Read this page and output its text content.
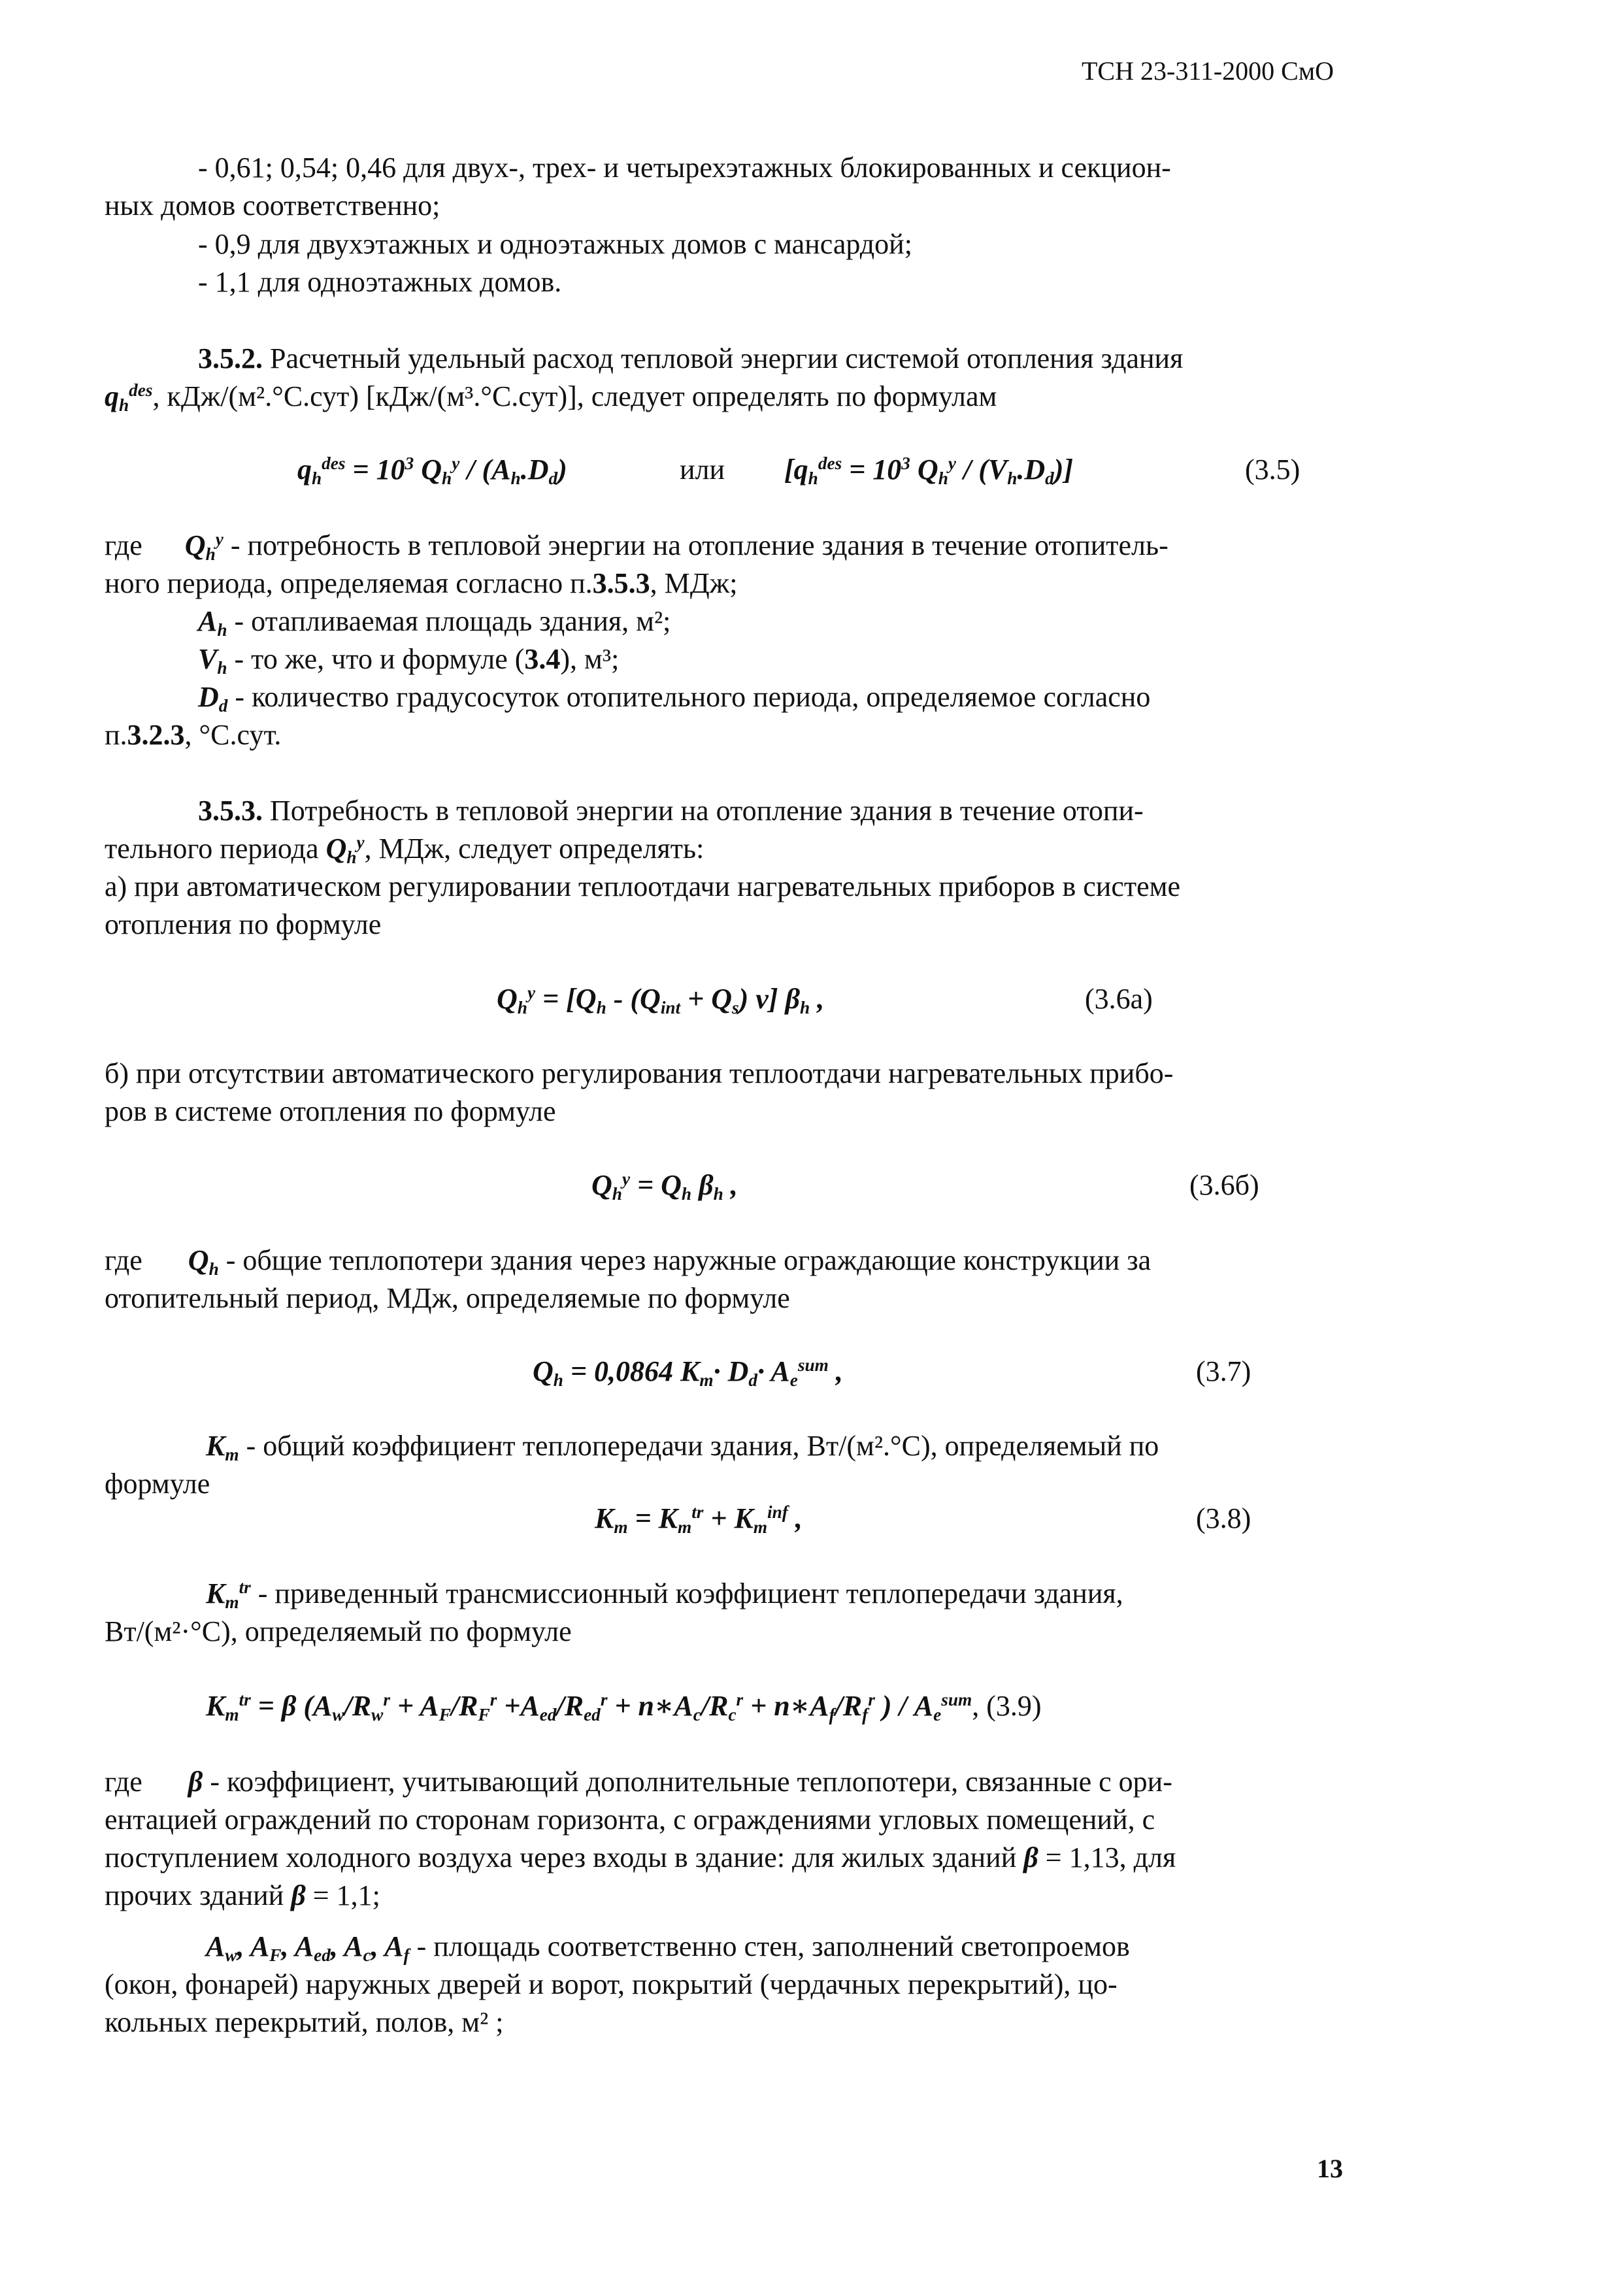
ТСН 23-311-2000 СмО
- 0,61; 0,54; 0,46 для двух-, трех- и четырехэтажных блокированных и секцион-
ных домов соответственно;
- 0,9 для двухэтажных и одноэтажных домов с мансардой;
- 1,1 для одноэтажных домов.
3.5.2. Расчетный удельный расход тепловой энергии системой отопления здания
$q_h^{des}$, кДж/(м².°С.сут) [кДж/(м³.°С.сут)], следует определять по формулам
$q_h^{des} = 10^3$ $Q_h^y / (A_h.D_d)$	или [$q_h^{des} = 10^3$ $Q_h^y / (V_h.D_d)$]	(3.5)
где $Q_h^y$ - потребность в тепловой энергии на отопление здания в течение отопитель-
ного периода, определяемая согласно п.3.5.3, МДж;
$A_h$ - отапливаемая площадь здания, м²;
$V_h$ - то же, что и формуле (3.4), м³;
$D_d$ - количество градусосуток отопительного периода, определяемое согласно
п.3.2.3, °С.сут.
3.5.3. Потребность в тепловой энергии на отопление здания в течение отопи-
тельного периода $Q_h^y$, МДж, следует определять:
а) при автоматическом регулировании теплоотдачи нагревательных приборов в системе
отопления по формуле
$Q_h^y = [Q_h - (Q_{int} + Q_s)$ ν] $\beta_h$ ,	(3.6а)
б) при отсутствии автоматического регулирования теплоотдачи нагревательных прибо-
ров в системе отопления по формуле
$Q_h^y = Q_h$ $\beta_h$ ,	(3.6б)
где $Q_h$ - общие теплопотери здания через наружные ограждающие конструкции за
отопительный период, МДж, определяемые по формуле
$Q_h = 0,0864$ $K_m\cdot D_d\cdot A_e^{sum}$ ,	(3.7)
$K_m$ - общий коэффициент теплопередачи здания, Вт/(м².°С), определяемый по
формуле
$K_m = K_m^{tr} + K_m^{inf}$ ,	(3.8)
$K_m^{tr}$ - приведенный трансмиссионный коэффициент теплопередачи здания,
Вт/(м²·°С), определяемый по формуле
$K_m^{tr} = \beta$ ($A_w/R_w^r + A_F/R_F^r +A_{ed}/R_{ed}^r$ + $n∗A_c/R_c^r$ + $n∗A_f/R_f^r$ ) / $A_e^{sum}$, (3.9)
где β - коэффициент, учитывающий дополнительные теплопотери, связанные с ори-
ентацией ограждений по сторонам горизонта, с ограждениями угловых помещений, с
поступлением холодного воздуха через входы в здание: для жилых зданий β = 1,13, для
прочих зданий β = 1,1;
$A_w$, $A_F$, $A_{ed}$, $A_c$, $A_f$ - площадь соответственно стен, заполнений светопроемов
(окон, фонарей) наружных дверей и ворот, покрытий (чердачных перекрытий), цо-
кольных перекрытий, полов, м² ;
13
